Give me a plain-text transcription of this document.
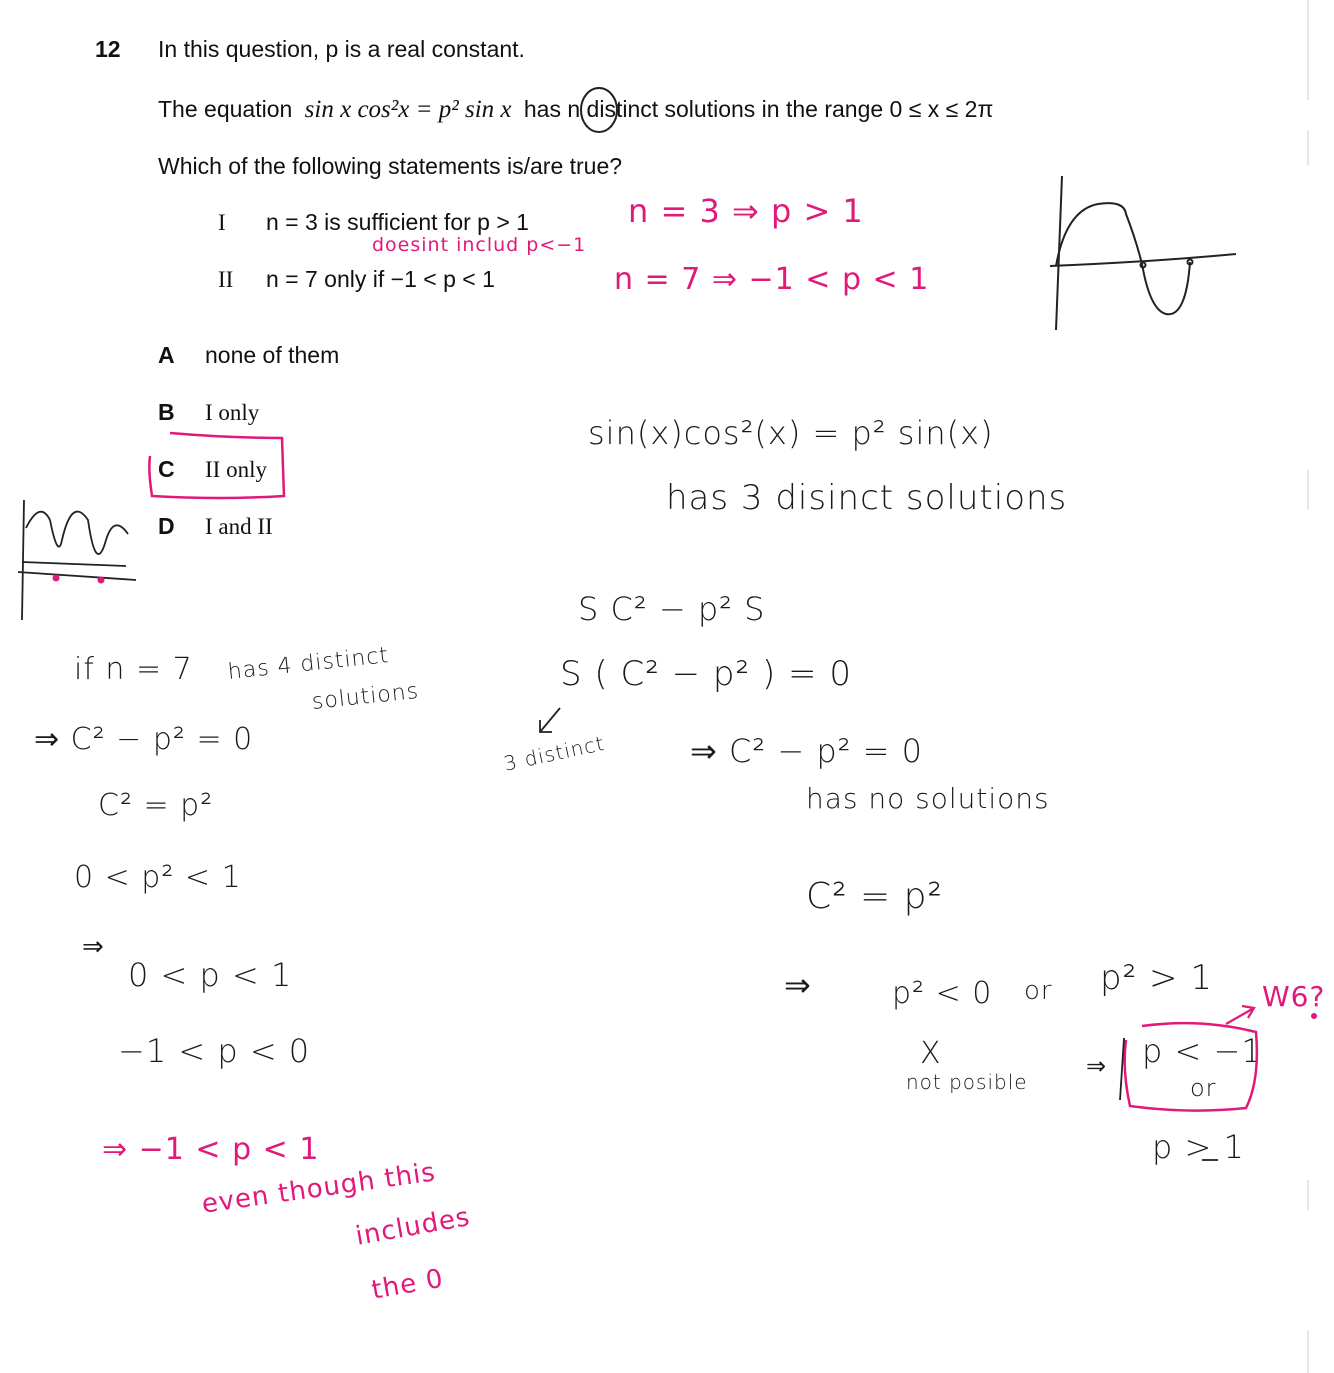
12 In this question, p is a real constant.
The equation sin x cos²x = p² sin x has n distinct solutions in the range 0 ≤ x ≤ 2π
Which of the following statements is/are true?
I n = 3 is sufficient for p > 1
II n = 7 only if −1 < p < 1
A none of them
B I only
C II only
D I and II
n = 3 ⇒ p > 1
doesint includ p<−1
n = 7 ⇒ −1 < p < 1
⇒ −1 < p < 1
even though this
includes
the 0
W6?
sin(x)cos²(x) = p² sin(x)
has 3 disinct solutions
S C² − p² S
S ( C² − p² ) = 0
3 distinct	⇒ C² − p² = 0
has no solutions
C² = p²
⇒	p² < 0 or p² > 1
X
not posible
⇒ p < −1
or
p > 1
if n = 7 has 4 distinct
solutions
⇒ C² − p² = 0
C² = p²
0 < p² < 1
⇒
0 < p < 1
−1 < p < 0
